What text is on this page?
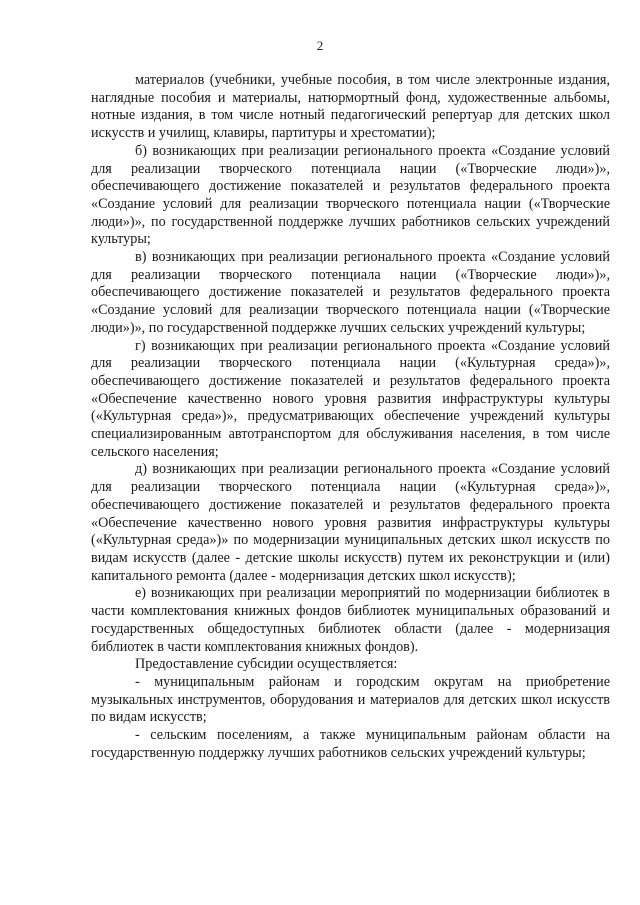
2

материалов (учебники, учебные пособия, в том числе электронные издания, наглядные пособия и материалы, натюрмортный фонд, художественные альбомы, нотные издания, в том числе нотный педагогический репертуар для детских школ искусств и училищ, клавиры, партитуры и хрестоматии);

б) возникающих при реализации регионального проекта «Создание условий для реализации творческого потенциала нации («Творческие люди»)», обеспечивающего достижение показателей и результатов федерального проекта «Создание условий для реализации творческого потенциала нации («Творческие люди»)», по государственной поддержке лучших работников сельских учреждений культуры;

в) возникающих при реализации регионального проекта «Создание условий для реализации творческого потенциала нации («Творческие люди»)», обеспечивающего достижение показателей и результатов федерального проекта «Создание условий для реализации творческого потенциала нации («Творческие люди»)», по государственной поддержке лучших сельских учреждений культуры;

г) возникающих при реализации регионального проекта «Создание условий для реализации творческого потенциала нации («Культурная среда»)», обеспечивающего достижение показателей и результатов федерального проекта «Обеспечение качественно нового уровня развития инфраструктуры культуры («Культурная среда»)», предусматривающих обеспечение учреждений культуры специализированным автотранспортом для обслуживания населения, в том числе сельского населения;

д) возникающих при реализации регионального проекта «Создание условий для реализации творческого потенциала нации («Культурная среда»)», обеспечивающего достижение показателей и результатов федерального проекта «Обеспечение качественно нового уровня развития инфраструктуры культуры («Культурная среда»)» по модернизации муниципальных детских школ искусств по видам искусств (далее - детские школы искусств) путем их реконструкции и (или) капитального ремонта (далее - модернизация детских школ искусств);

е) возникающих при реализации мероприятий по модернизации библиотек в части комплектования книжных фондов библиотек муниципальных образований и государственных общедоступных библиотек области (далее - модернизация библиотек в части комплектования книжных фондов).

Предоставление субсидии осуществляется:

- муниципальным районам и городским округам на приобретение музыкальных инструментов, оборудования и материалов для детских школ искусств по видам искусств;

- сельским поселениям, а также муниципальным районам области на государственную поддержку лучших работников сельских учреждений культуры;
